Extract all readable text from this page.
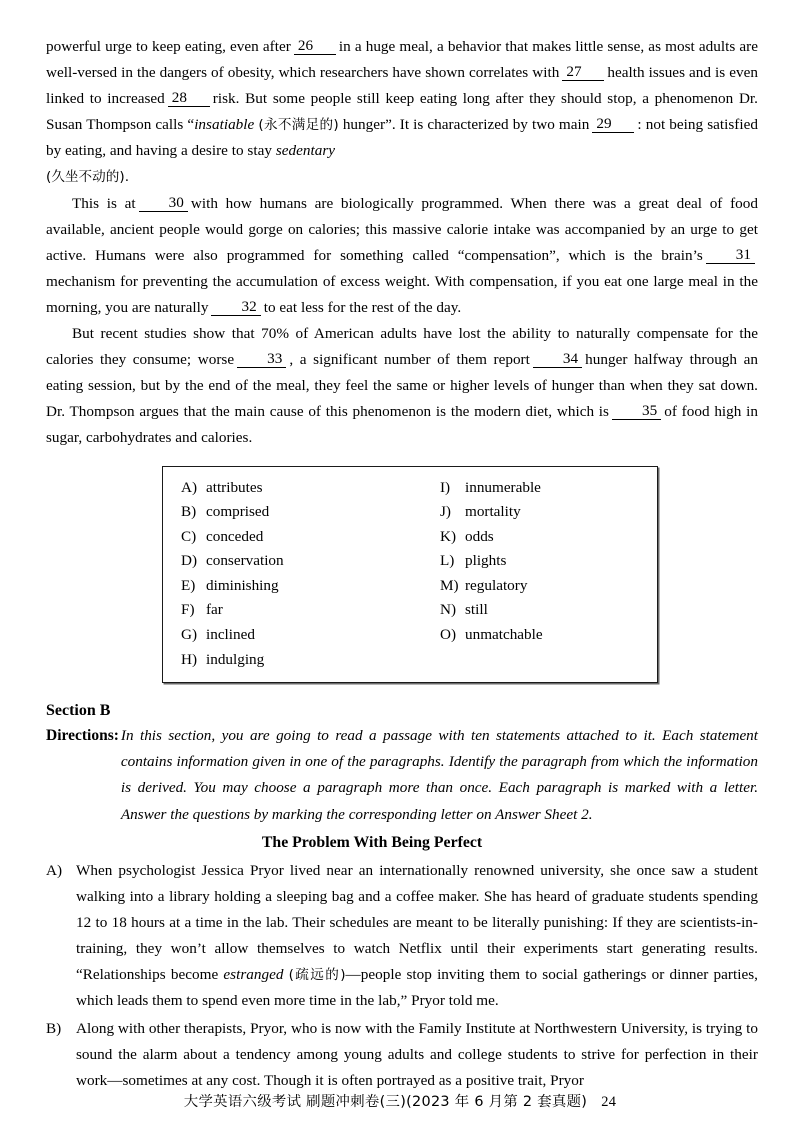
powerful urge to keep eating, even after 26 in a huge meal, a behavior that makes little sense, as most adults are well-versed in the dangers of obesity, which researchers have shown correlates with 27 health issues and is even linked to increased 28 risk. But some people still keep eating long after they should stop, a phenomenon Dr. Susan Thompson calls “insatiable (永不满足的) hunger”. It is characterized by two main 29 : not being satisfied by eating, and having a desire to stay sedentary
(久坐不动的).

This is at 30 with how humans are biologically programmed. When there was a great deal of food available, ancient people would gorge on calories; this massive calorie intake was accompanied by an urge to get active. Humans were also programmed for something called “compensation”, which is the brain’s 31mechanism for preventing the accumulation of excess weight. With compensation, if you eat one large meal in the morning, you are naturally 32 to eat less for the rest of the day.

But recent studies show that 70% of American adults have lost the ability to naturally compensate for the calories they consume; worse 33 , a significant number of them report 34 hunger halfway through an eating session, but by the end of the meal, they feel the same or higher levels of hunger than when they sat down. Dr. Thompson argues that the main cause of this phenomenon is the modern diet, which is 35 of food high in sugar, carbohydrates and calories.

A) attributes
B) comprised
C) conceded
D) conservation
E) diminishing
F) far
G) inclined
H) indulging
I) innumerable
J) mortality
K) odds
L) plights
M) regulatory
N) still
O) unmatchable
Section B
Directions: In this section, you are going to read a passage with ten statements attached to it. Each statement contains information given in one of the paragraphs. Identify the paragraph from which the information is derived. You may choose a paragraph more than once. Each paragraph is marked with a letter. Answer the questions by marking the corresponding letter on Answer Sheet 2.
The Problem With Being Perfect
A) When psychologist Jessica Pryor lived near an internationally renowned university, she once saw a student walking into a library holding a sleeping bag and a coffee maker. She has heard of graduate students spending 12 to 18 hours at a time in the lab. Their schedules are meant to be literally punishing: If they are scientists-in-training, they won’t allow themselves to watch Netflix until their experiments start generating results. “Relationships become estranged (疏远的)—people stop inviting them to social gatherings or dinner parties, which leads them to spend even more time in the lab,” Pryor told me.

B) Along with other therapists, Pryor, who is now with the Family Institute at Northwestern University, is trying to sound the alarm about a tendency among young adults and college students to strive for perfection in their work—sometimes at any cost. Though it is often portrayed as a positive trait, Pryor

大学英语六级考试 刷题冲刺卷(三)(2023 年 6 月第 2 套真题) 24
